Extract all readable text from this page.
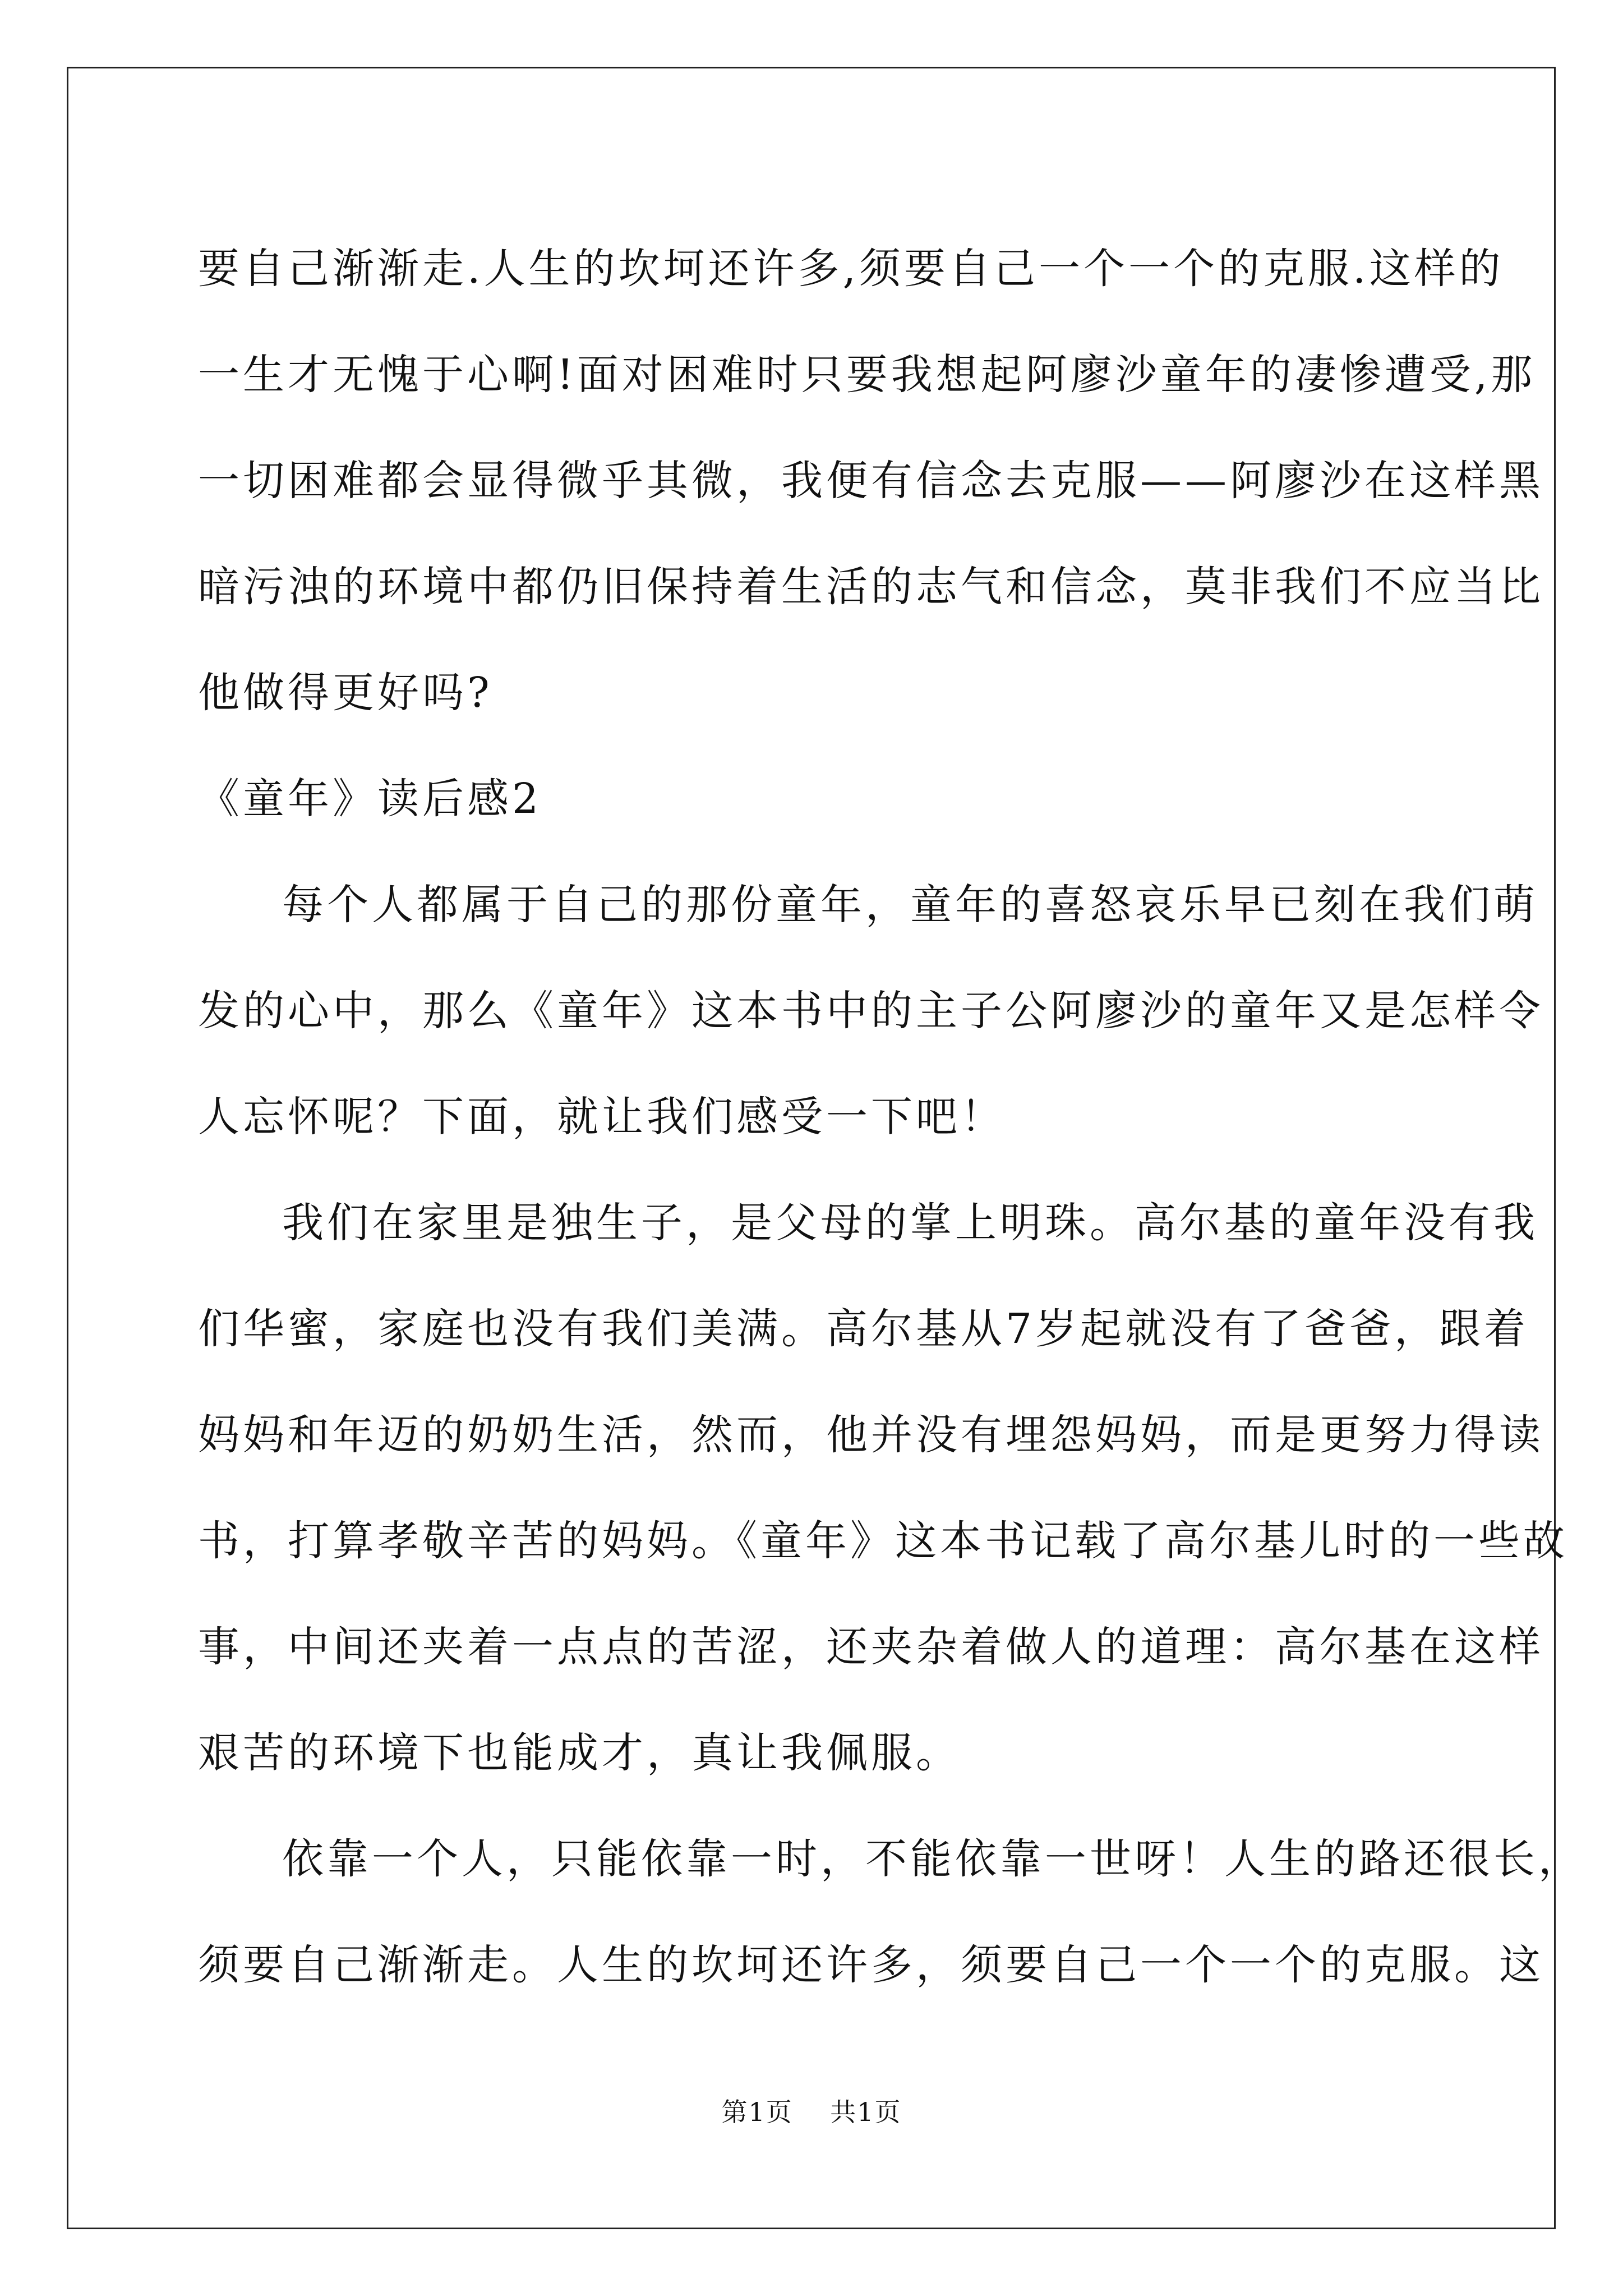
要自己渐渐走.人生的坎坷还许多,须要自己一个一个的克服.这样的
一生才无愧于心啊!面对困难时只要我想起阿廖沙童年的凄惨遭受,那
一切困难都会显得微乎其微，我便有信念去克服——阿廖沙在这样黑
暗污浊的环境中都仍旧保持着生活的志气和信念，莫非我们不应当比
他做得更好吗?
《童年》读后感2
每个人都属于自己的那份童年，童年的喜怒哀乐早已刻在我们萌
发的心中，那么《童年》这本书中的主子公阿廖沙的童年又是怎样令
人忘怀呢？下面，就让我们感受一下吧！
我们在家里是独生子，是父母的掌上明珠。高尔基的童年没有我
们华蜜，家庭也没有我们美满。高尔基从7岁起就没有了爸爸，跟着
妈妈和年迈的奶奶生活，然而，他并没有埋怨妈妈，而是更努力得读
书，打算孝敬辛苦的妈妈。《童年》这本书记载了高尔基儿时的一些故
事，中间还夹着一点点的苦涩，还夹杂着做人的道理：高尔基在这样
艰苦的环境下也能成才，真让我佩服。
依靠一个人，只能依靠一时，不能依靠一世呀！人生的路还很长，
须要自己渐渐走。人生的坎坷还许多，须要自己一个一个的克服。这
第1页    共1页
